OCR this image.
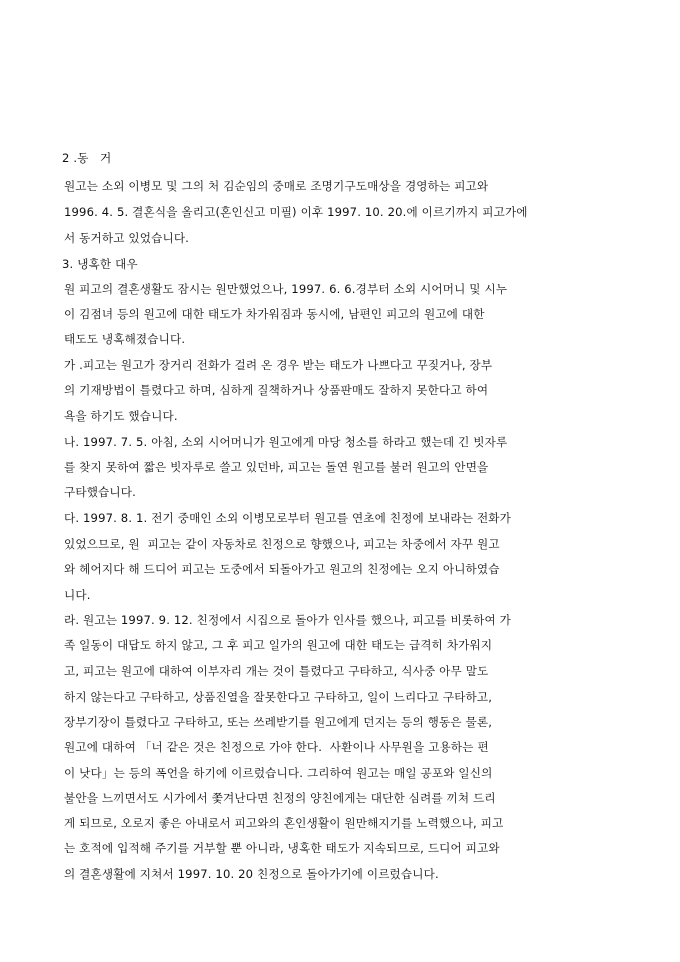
2 .동   거
원고는 소외 이병모 및 그의 처 김순임의 중매로 조명기구도매상을 경영하는 피고와
1996. 4. 5. 결혼식을 올리고(혼인신고 미필) 이후 1997. 10. 20.에 이르기까지 피고가에
서 동거하고 있었습니다.
3. 냉혹한 대우
원 피고의 결혼생활도 잠시는 원만했었으나, 1997. 6. 6.경부터 소외 시어머니 및 시누
이 김점녀 등의 원고에 대한 태도가 차가워짐과 동시에, 남편인 피고의 원고에 대한
태도도 냉혹해졌습니다.
가 .피고는 원고가 장거리 전화가 걸려 온 경우 받는 태도가 나쁘다고 꾸짖거나, 장부
의 기재방법이 틀렸다고 하며, 심하게 질책하거나 상품판매도 잘하지 못한다고 하여
욕을 하기도 했습니다.
나. 1997. 7. 5. 아침, 소외 시어머니가 원고에게 마당 청소를 하라고 했는데 긴 빗자루
를 찾지 못하여 짧은 빗자루로 쓸고 있던바, 피고는 돌연 원고를 불러 원고의 안면을
구타했습니다.
다. 1997. 8. 1. 전기 중매인 소외 이병모로부터 원고를 연초에 친정에 보내라는 전화가
있었으므로, 원  피고는 같이 자동차로 친정으로 향했으나, 피고는 차중에서 자꾸 원고
와 헤어지다 해 드디어 피고는 도중에서 되돌아가고 원고의 친정에는 오지 아니하였습
니다.
라. 원고는 1997. 9. 12. 친정에서 시집으로 돌아가 인사를 했으나, 피고를 비롯하여 가
족 일동이 대답도 하지 않고, 그 후 피고 일가의 원고에 대한 태도는 급격히 차가워지
고, 피고는 원고에 대하여 이부자리 개는 것이 틀렸다고 구타하고, 식사중 아무 말도
하지 않는다고 구타하고, 상품진열을 잘못한다고 구타하고, 일이 느리다고 구타하고,
장부기장이 틀렸다고 구타하고, 또는 쓰레받기를 원고에게 던지는 등의 행동은 물론,
원고에 대하여 「너 같은 것은 친정으로 가야 한다.  사환이나 사무원을 고용하는 편
이 낫다」는 등의 폭언을 하기에 이르렀습니다. 그리하여 원고는 매일 공포와 일신의
불안을 느끼면서도 시가에서 쫓겨난다면 친정의 양친에게는 대단한 심려를 끼쳐 드리
게 되므로, 오로지 좋은 아내로서 피고와의 혼인생활이 원만해지기를 노력했으나, 피고
는 호적에 입적해 주기를 거부할 뿐 아니라, 냉혹한 태도가 지속되므로, 드디어 피고와
의 결혼생활에 지쳐서 1997. 10. 20 친정으로 돌아가기에 이르렀습니다.
